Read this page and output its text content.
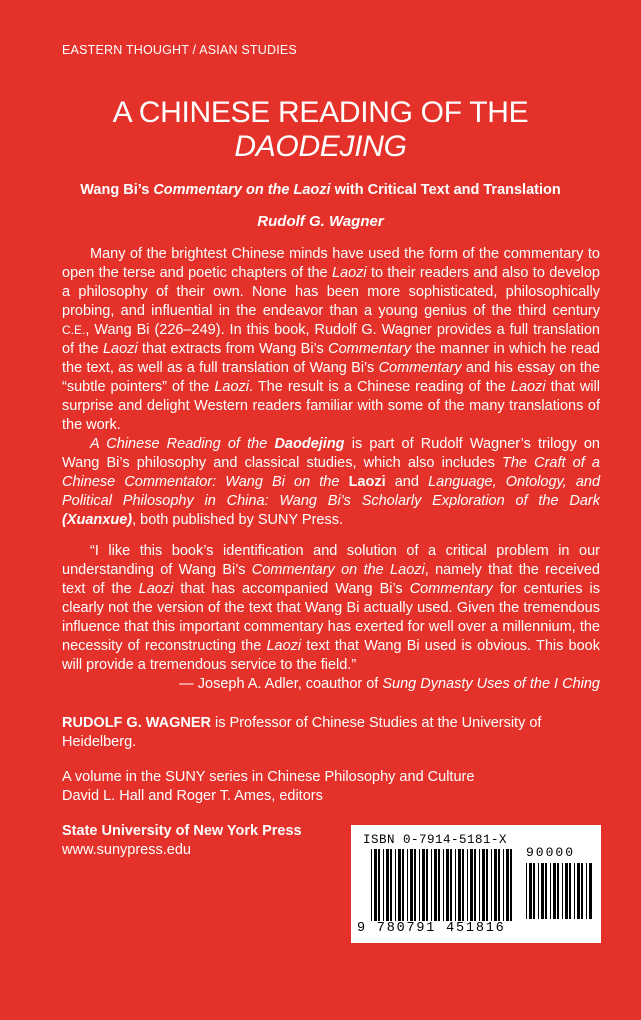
EASTERN THOUGHT / ASIAN STUDIES
A CHINESE READING OF THE
DAODEJING
Wang Bi’s Commentary on the Laozi with Critical Text and Translation
Rudolf G. Wagner

Many of the brightest Chinese minds have used the form of the commentary to open the terse and poetic chapters of the Laozi to their readers and also to develop a philosophy of their own. None has been more sophisticated, philosophically probing, and influential in the endeavor than a young genius of the third century C.E., Wang Bi (226–249). In this book, Rudolf G. Wagner provides a full translation of the Laozi that extracts from Wang Bi’s Commentary the manner in which he read the text, as well as a full translation of Wang Bi’s Commentary and his essay on the “subtle pointers” of the Laozi. The result is a Chinese reading of the Laozi that will surprise and delight Western readers familiar with some of the many translations of the work.

A Chinese Reading of the Daodejing is part of Rudolf Wagner’s trilogy on Wang Bi’s philosophy and classical studies, which also includes The Craft of a Chinese Commentator: Wang Bi on the Laozi and Language, Ontology, and Political Philosophy in China: Wang Bi’s Scholarly Exploration of the Dark (Xuanxue), both published by SUNY Press.

“I like this book’s identification and solution of a critical problem in our understanding of Wang Bi’s Commentary on the Laozi, namely that the received text of the Laozi that has accompanied Wang Bi’s Commentary for centuries is clearly not the version of the text that Wang Bi actually used. Given the tremendous influence that this important commentary has exerted for well over a millennium, the necessity of reconstructing the Laozi text that Wang Bi used is obvious. This book will provide a tremendous service to the field.”

— Joseph A. Adler, coauthor of Sung Dynasty Uses of the I Ching

RUDOLF G. WAGNER is Professor of Chinese Studies at the University of Heidelberg.
A volume in the SUNY series in Chinese Philosophy and Culture
David L. Hall and Roger T. Ames, editors
State University of New York Press
www.sunypress.edu
ISBN 0-7914-5181-X
90000
9 780791 451816
